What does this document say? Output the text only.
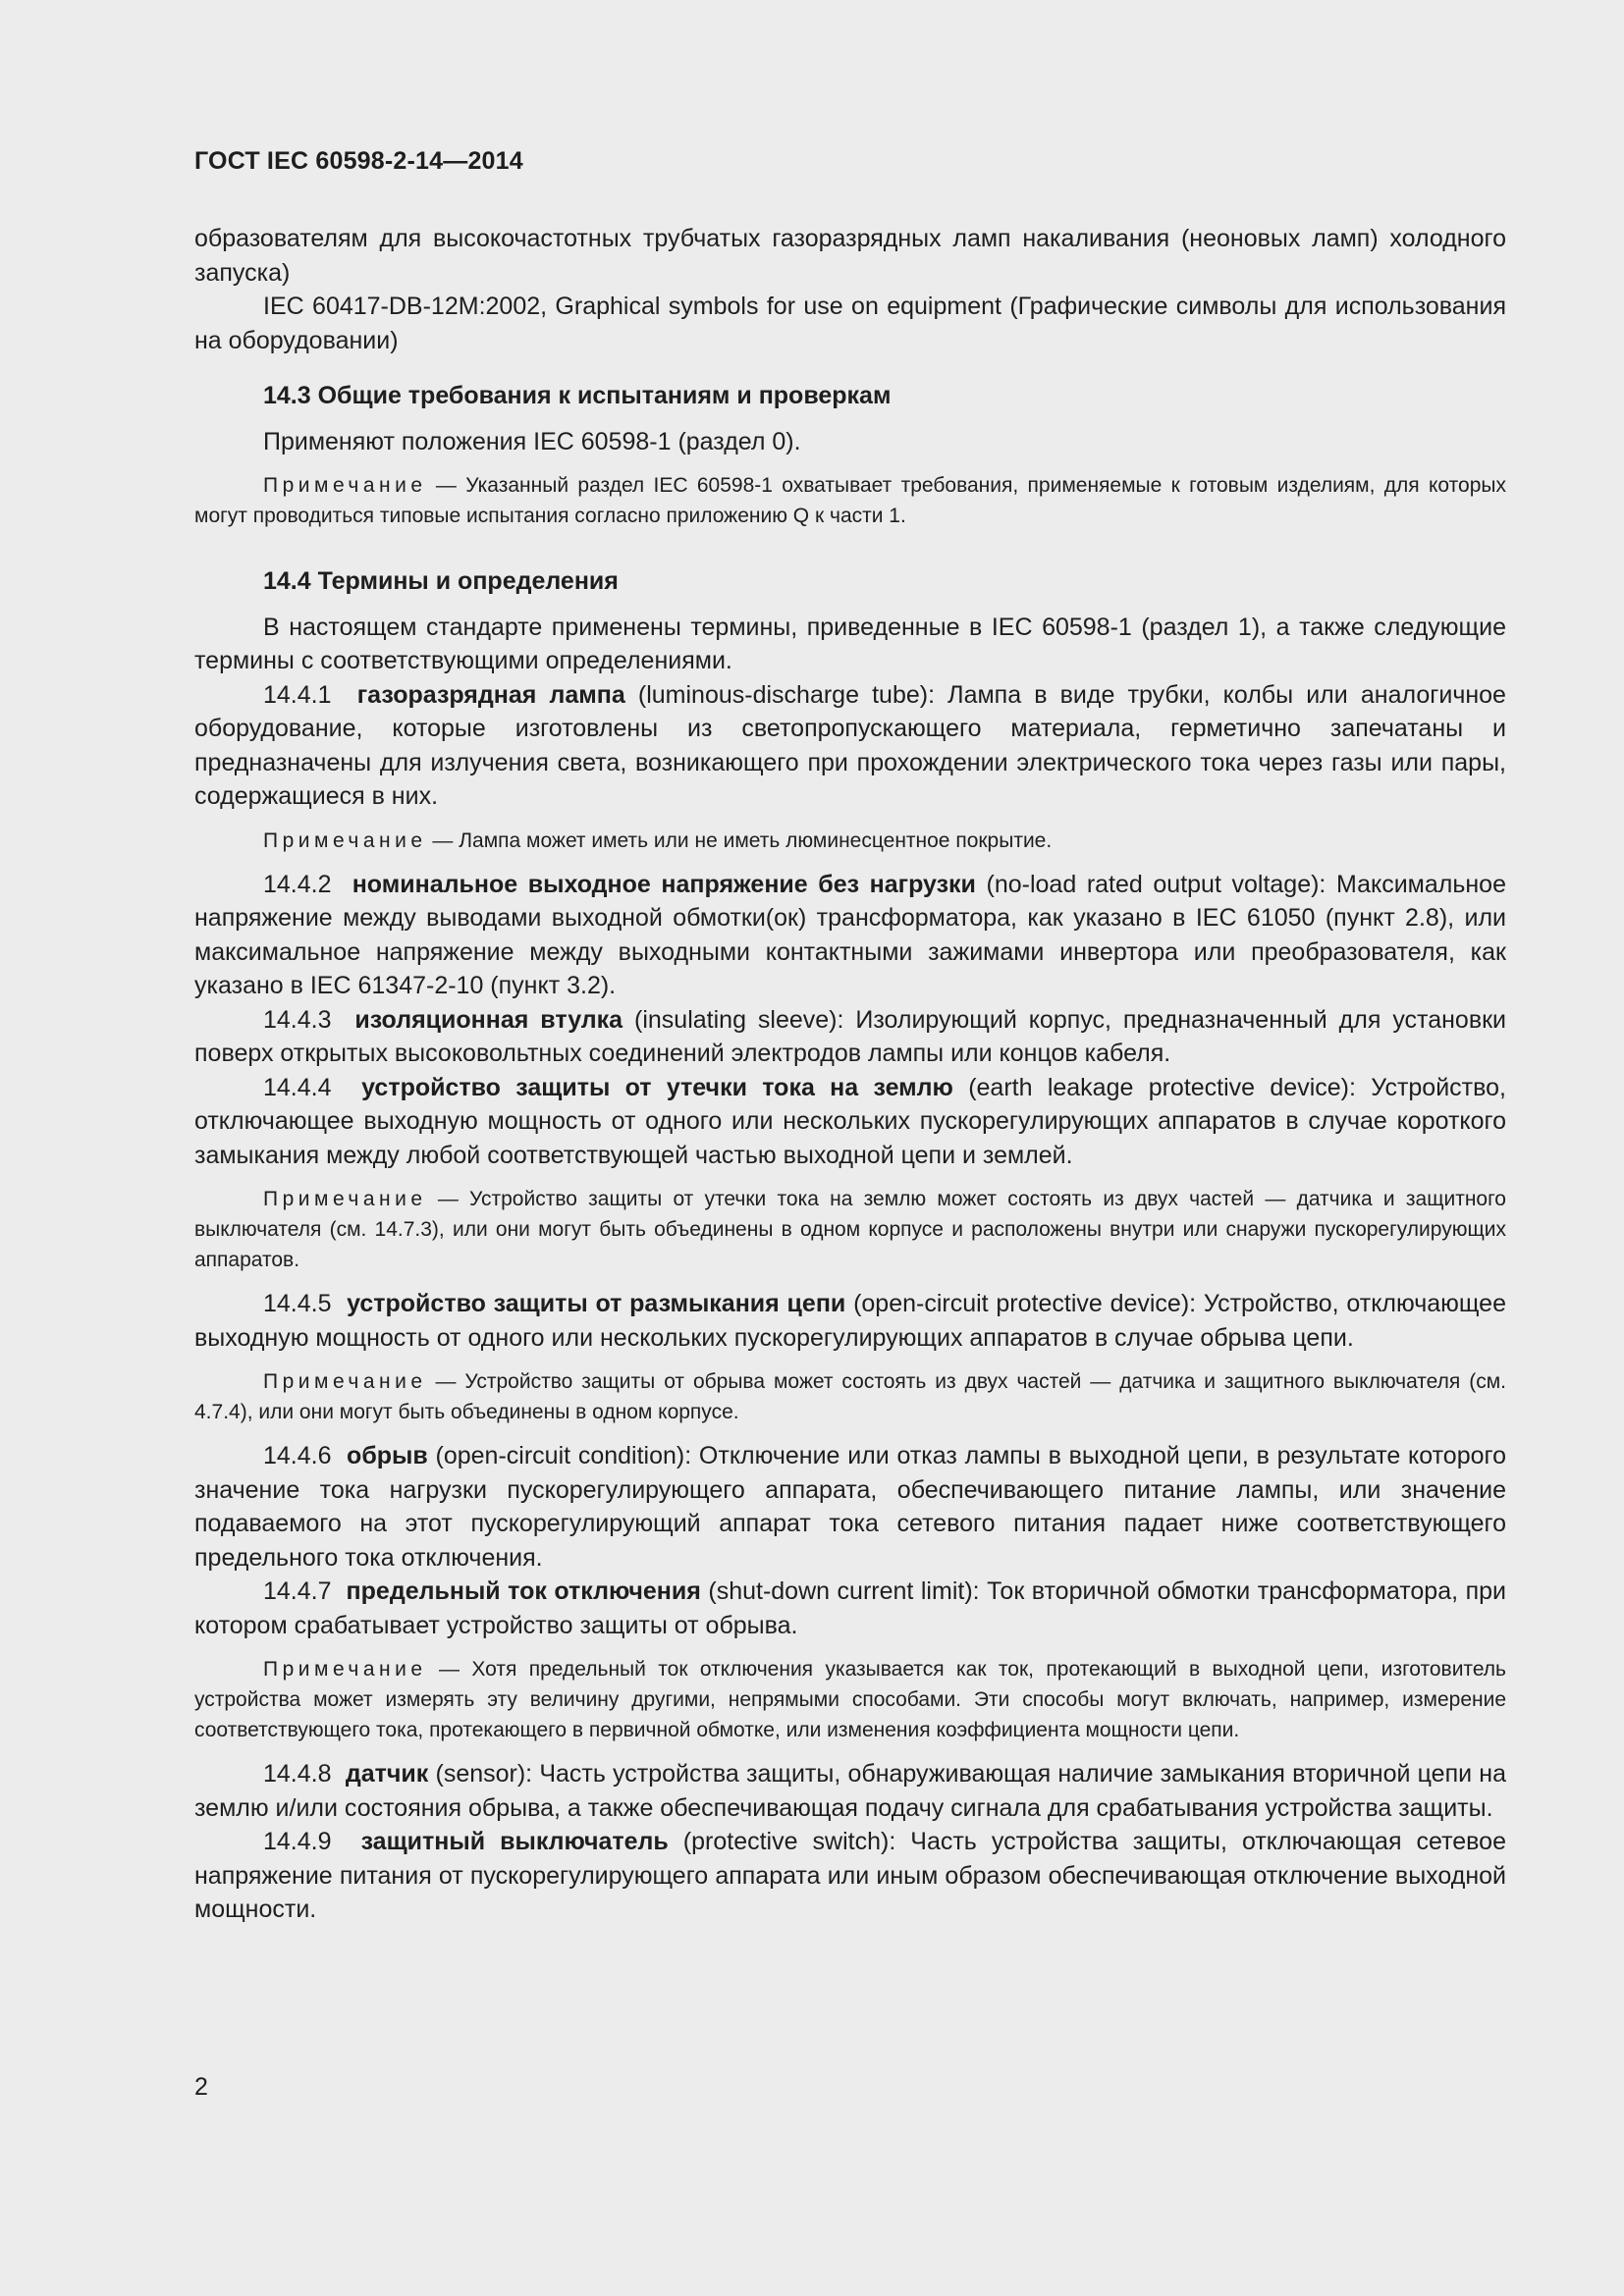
ГОСТ IEC 60598-2-14—2014

образователям для высокочастотных трубчатых газоразрядных ламп накаливания (неоновых ламп) холодного запуска)

IEC 60417-DB-12M:2002, Graphical symbols for use on equipment (Графические символы для использования на оборудовании)

14.3 Общие требования к испытаниям и проверкам

Применяют положения IEC 60598-1 (раздел 0).

Примечание — Указанный раздел IEC 60598-1 охватывает требования, применяемые к готовым изделиям, для которых могут проводиться типовые испытания согласно приложению Q к части 1.

14.4 Термины и определения

В настоящем стандарте применены термины, приведенные в IEC 60598-1 (раздел 1), а также следующие термины с соответствующими определениями.

14.4.1 газоразрядная лампа (luminous-discharge tube): Лампа в виде трубки, колбы или аналогичное оборудование, которые изготовлены из светопропускающего материала, герметично запечатаны и предназначены для излучения света, возникающего при прохождении электрического тока через газы или пары, содержащиеся в них.

Примечание — Лампа может иметь или не иметь люминесцентное покрытие.

14.4.2 номинальное выходное напряжение без нагрузки (no-load rated output voltage): Максимальное напряжение между выводами выходной обмотки(ок) трансформатора, как указано в IEC 61050 (пункт 2.8), или максимальное напряжение между выходными контактными зажимами инвертора или преобразователя, как указано в IEC 61347-2-10 (пункт 3.2).

14.4.3 изоляционная втулка (insulating sleeve): Изолирующий корпус, предназначенный для установки поверх открытых высоковольтных соединений электродов лампы или концов кабеля.

14.4.4 устройство защиты от утечки тока на землю (earth leakage protective device): Устройство, отключающее выходную мощность от одного или нескольких пускорегулирующих аппаратов в случае короткого замыкания между любой соответствующей частью выходной цепи и землей.

Примечание — Устройство защиты от утечки тока на землю может состоять из двух частей — датчика и защитного выключателя (см. 14.7.3), или они могут быть объединены в одном корпусе и расположены внутри или снаружи пускорегулирующих аппаратов.

14.4.5 устройство защиты от размыкания цепи (open-circuit protective device): Устройство, отключающее выходную мощность от одного или нескольких пускорегулирующих аппаратов в случае обрыва цепи.

Примечание — Устройство защиты от обрыва может состоять из двух частей — датчика и защитного выключателя (см. 4.7.4), или они могут быть объединены в одном корпусе.

14.4.6 обрыв (open-circuit condition): Отключение или отказ лампы в выходной цепи, в результате которого значение тока нагрузки пускорегулирующего аппарата, обеспечивающего питание лампы, или значение подаваемого на этот пускорегулирующий аппарат тока сетевого питания падает ниже соответствующего предельного тока отключения.

14.4.7 предельный ток отключения (shut-down current limit): Ток вторичной обмотки трансформатора, при котором срабатывает устройство защиты от обрыва.

Примечание — Хотя предельный ток отключения указывается как ток, протекающий в выходной цепи, изготовитель устройства может измерять эту величину другими, непрямыми способами. Эти способы могут включать, например, измерение соответствующего тока, протекающего в первичной обмотке, или изменения коэффициента мощности цепи.

14.4.8 датчик (sensor): Часть устройства защиты, обнаруживающая наличие замыкания вторичной цепи на землю и/или состояния обрыва, а также обеспечивающая подачу сигнала для срабатывания устройства защиты.

14.4.9 защитный выключатель (protective switch): Часть устройства защиты, отключающая сетевое напряжение питания от пускорегулирующего аппарата или иным образом обеспечивающая отключение выходной мощности.

2
